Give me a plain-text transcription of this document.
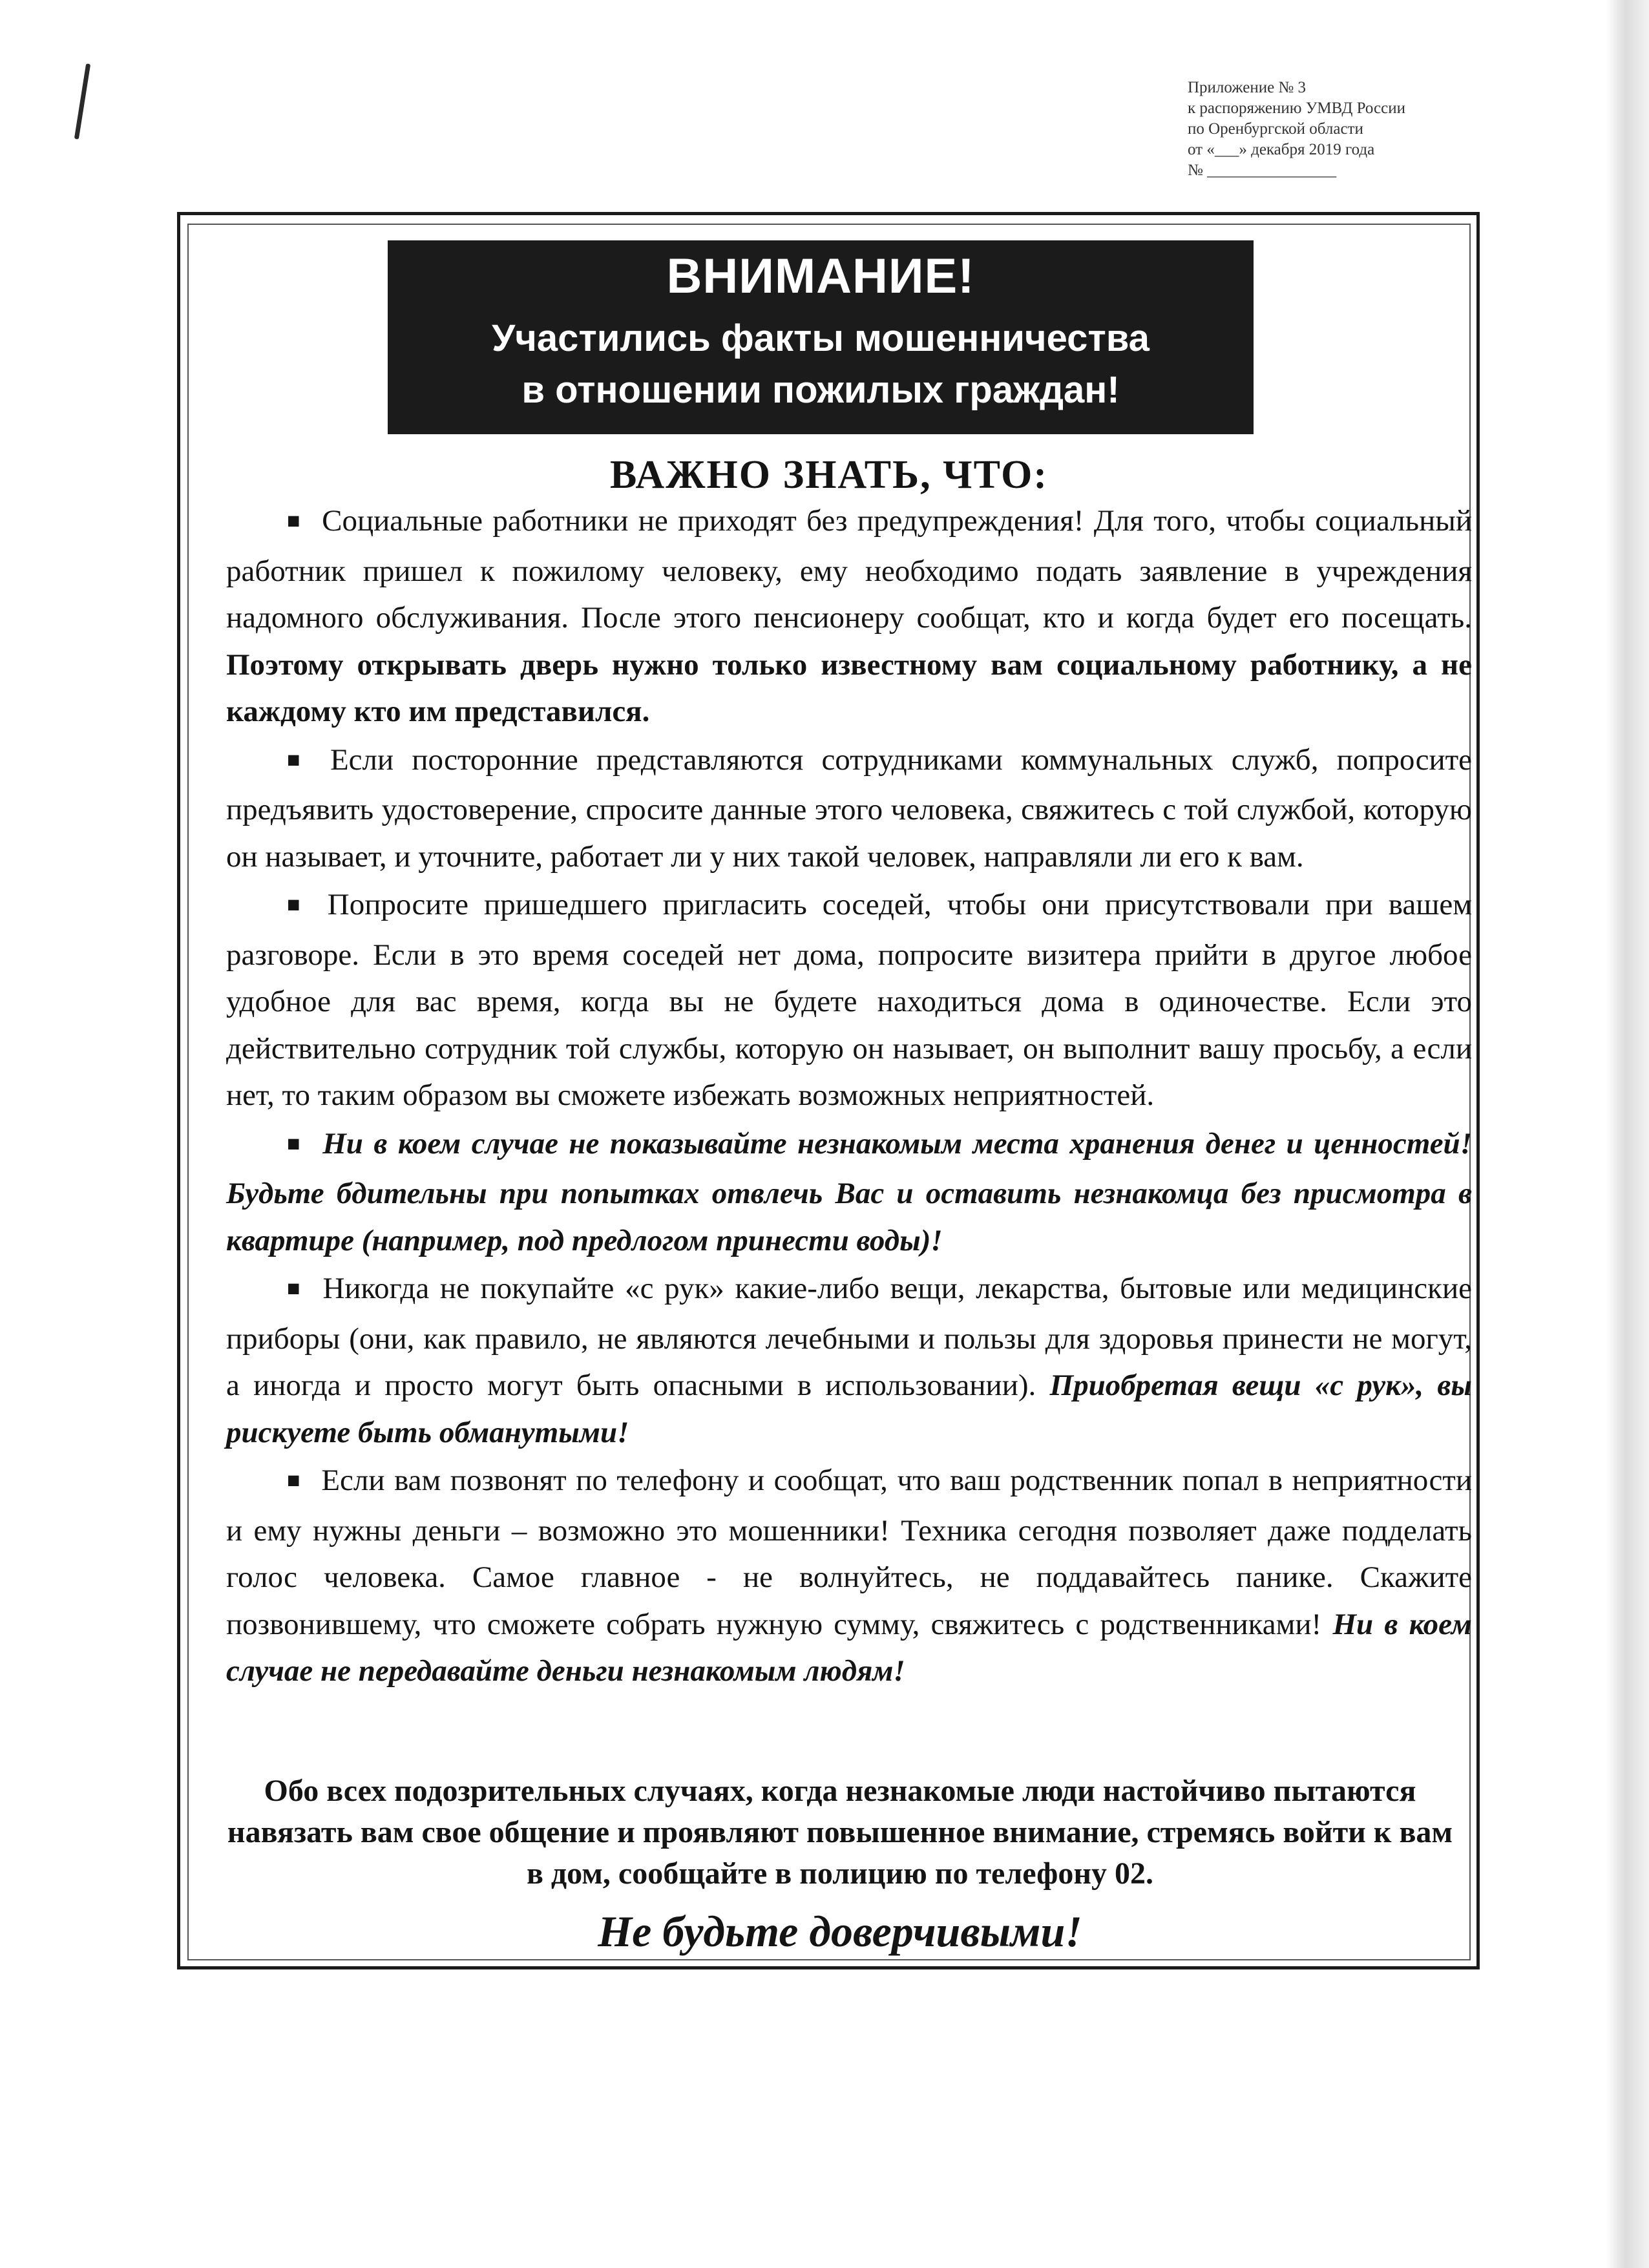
Приложение № 3
к распоряжению УМВД России
по Оренбургской области
от «___» декабря 2019 года
№ ________________
ВНИМАНИЕ!
Участились факты мошенничества
в отношении пожилых граждан!
ВАЖНО ЗНАТЬ, ЧТО:

■ Социальные работники не приходят без предупреждения! Для того, чтобы социальный работник пришел к пожилому человеку, ему необходимо подать заявление в учреждения надомного обслуживания. После этого пенсионеру сообщат, кто и когда будет его посещать. Поэтому открывать дверь нужно только известному вам социальному работнику, а не каждому кто им представился.

■ Если посторонние представляются сотрудниками коммунальных служб, попросите предъявить удостоверение, спросите данные этого человека, свяжитесь с той службой, которую он называет, и уточните, работает ли у них такой человек, направляли ли его к вам.

■ Попросите пришедшего пригласить соседей, чтобы они присутствовали при вашем разговоре. Если в это время соседей нет дома, попросите визитера прийти в другое любое удобное для вас время, когда вы не будете находиться дома в одиночестве. Если это действительно сотрудник той службы, которую он называет, он выполнит вашу просьбу, а если нет, то таким образом вы сможете избежать возможных неприятностей.

■ Ни в коем случае не показывайте незнакомым места хранения денег и ценностей! Будьте бдительны при попытках отвлечь Вас и оставить незнакомца без присмотра в квартире (например, под предлогом принести воды)!

■ Никогда не покупайте «с рук» какие-либо вещи, лекарства, бытовые или медицинские приборы (они, как правило, не являются лечебными и пользы для здоровья принести не могут, а иногда и просто могут быть опасными в использовании). Приобретая вещи «с рук», вы рискуете быть обманутыми!

■ Если вам позвонят по телефону и сообщат, что ваш родственник попал в неприятности и ему нужны деньги – возможно это мошенники! Техника сегодня позволяет даже подделать голос человека. Самое главное - не волнуйтесь, не поддавайтесь панике. Скажите позвонившему, что сможете собрать нужную сумму, свяжитесь с родственниками! Ни в коем случае не передавайте деньги незнакомым людям!

Обо всех подозрительных случаях, когда незнакомые люди настойчиво пытаются навязать вам свое общение и проявляют повышенное внимание, стремясь войти к вам в дом, сообщайте в полицию по телефону 02.
Не будьте доверчивыми!
